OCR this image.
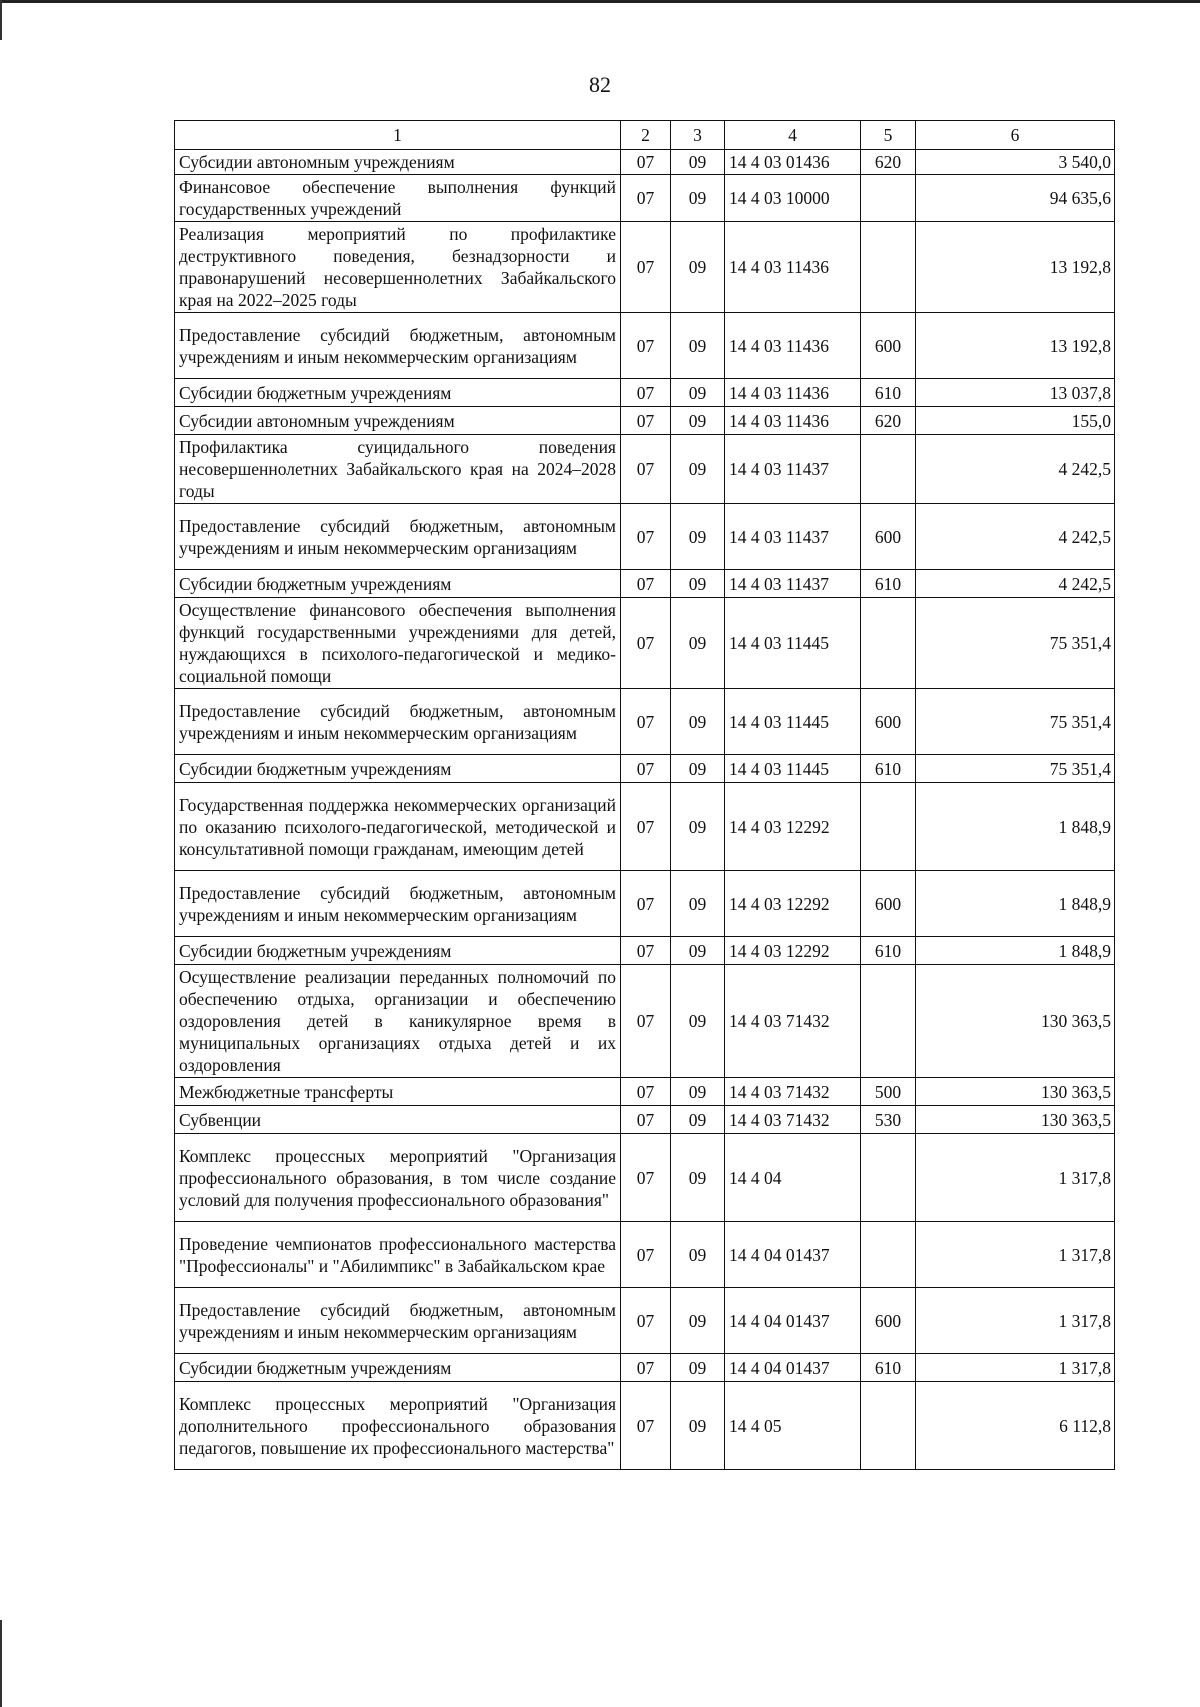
82
1	2	3	4	5	6
Субсидии автономным учреждениям	07	09	14 4 03 01436	620	3 540,0
Финансовое обеспечение выполнения функций государственных учреждений	07	09	14 4 03 10000		94 635,6
Реализация мероприятий по профилактике деструктивного поведения, безнадзорности и правонарушений несовершеннолетних Забайкальского края на 2022–2025 годы	07	09	14 4 03 11436		13 192,8
Предоставление субсидий бюджетным, автономным учреждениям и иным некоммерческим организациям	07	09	14 4 03 11436	600	13 192,8
Субсидии бюджетным учреждениям	07	09	14 4 03 11436	610	13 037,8
Субсидии автономным учреждениям	07	09	14 4 03 11436	620	155,0
Профилактика суицидального поведения несовершеннолетних Забайкальского края на 2024–2028 годы	07	09	14 4 03 11437		4 242,5
Предоставление субсидий бюджетным, автономным учреждениям и иным некоммерческим организациям	07	09	14 4 03 11437	600	4 242,5
Субсидии бюджетным учреждениям	07	09	14 4 03 11437	610	4 242,5
Осуществление финансового обеспечения выполнения функций государственными учреждениями для детей, нуждающихся в психолого-педагогической и медико-социальной помощи	07	09	14 4 03 11445		75 351,4
Предоставление субсидий бюджетным, автономным учреждениям и иным некоммерческим организациям	07	09	14 4 03 11445	600	75 351,4
Субсидии бюджетным учреждениям	07	09	14 4 03 11445	610	75 351,4
Государственная поддержка некоммерческих организаций по оказанию психолого-педагогической, методической и консультативной помощи гражданам, имеющим детей	07	09	14 4 03 12292		1 848,9
Предоставление субсидий бюджетным, автономным учреждениям и иным некоммерческим организациям	07	09	14 4 03 12292	600	1 848,9
Субсидии бюджетным учреждениям	07	09	14 4 03 12292	610	1 848,9
Осуществление реализации переданных полномочий по обеспечению отдыха, организации и обеспечению оздоровления детей в каникулярное время в муниципальных организациях отдыха детей и их оздоровления	07	09	14 4 03 71432		130 363,5
Межбюджетные трансферты	07	09	14 4 03 71432	500	130 363,5
Субвенции	07	09	14 4 03 71432	530	130 363,5
Комплекс процессных мероприятий "Организация профессионального образования, в том числе создание условий для получения профессионального образования"	07	09	14 4 04		1 317,8
Проведение чемпионатов профессионального мастерства "Профессионалы" и "Абилимпикс" в Забайкальском крае	07	09	14 4 04 01437		1 317,8
Предоставление субсидий бюджетным, автономным учреждениям и иным некоммерческим организациям	07	09	14 4 04 01437	600	1 317,8
Субсидии бюджетным учреждениям	07	09	14 4 04 01437	610	1 317,8
Комплекс процессных мероприятий "Организация дополнительного профессионального образования педагогов, повышение их профессионального мастерства"	07	09	14 4 05		6 112,8
